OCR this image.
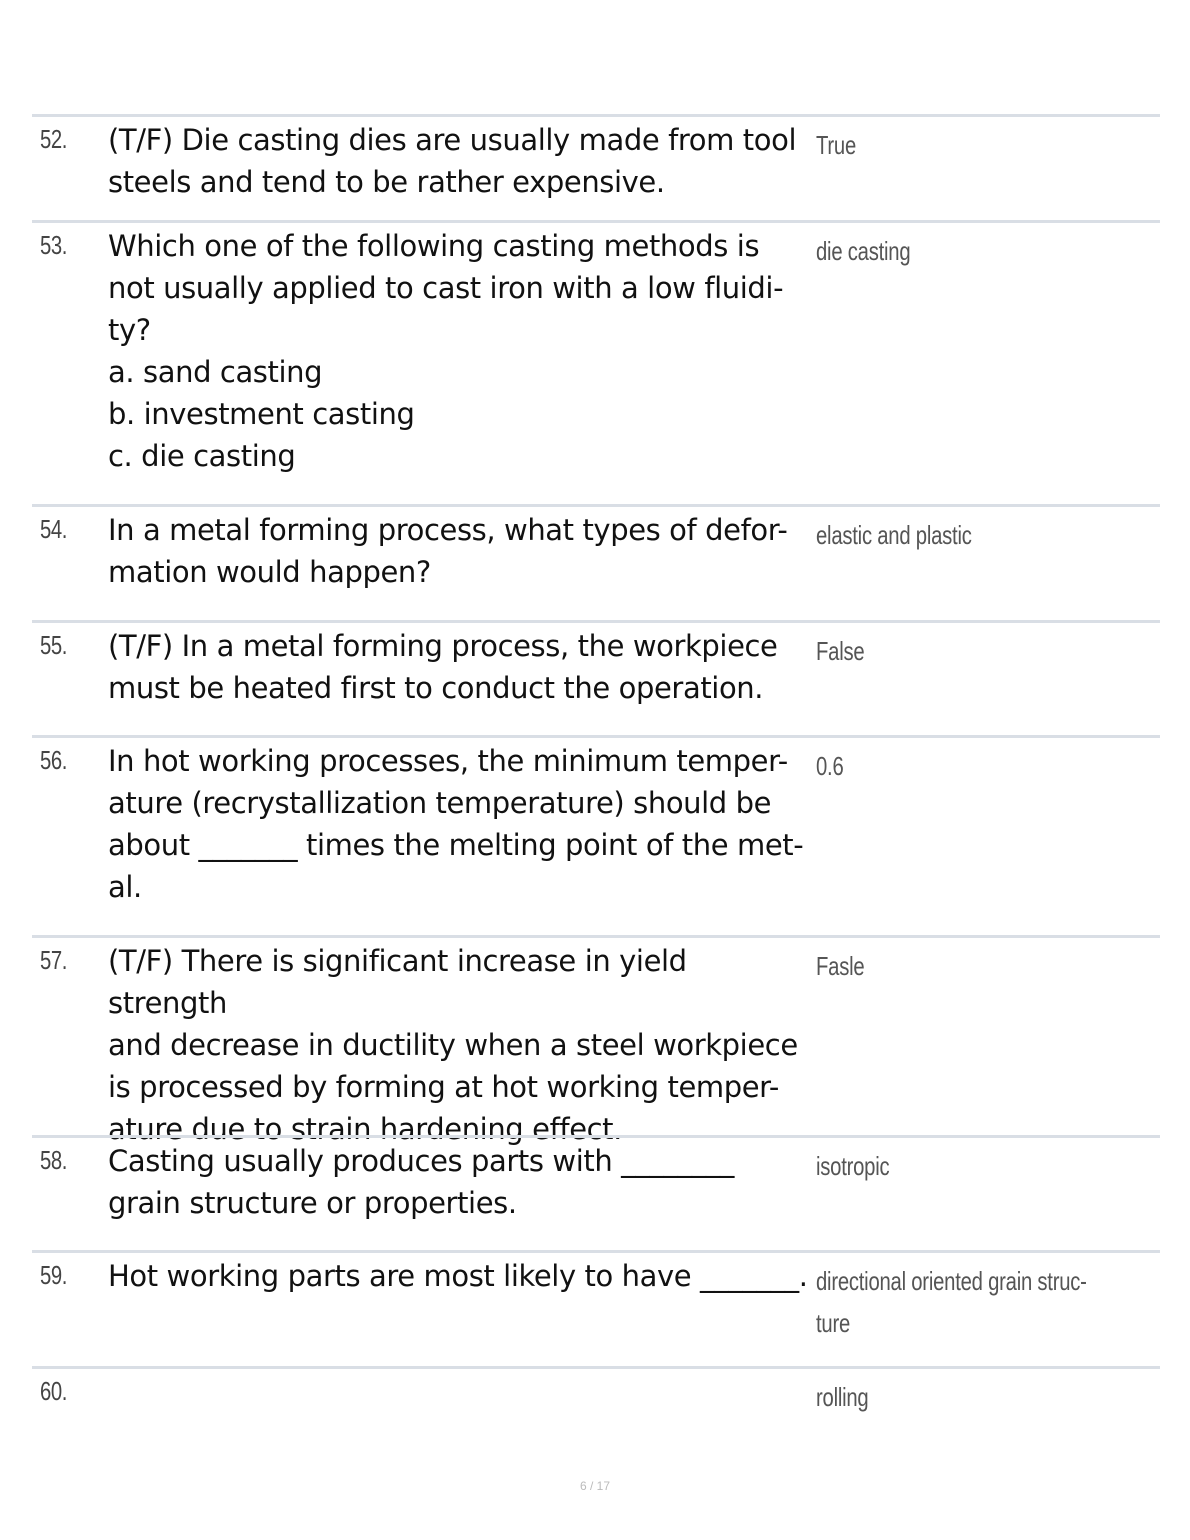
52. (T/F) Die casting dies are usually made from tool
steels and tend to be rather expensive.
True
53. Which one of the following casting methods is
not usually applied to cast iron with a low fluidi-
ty?
a. sand casting
b. investment casting
c. die casting
die casting
54. In a metal forming process, what types of defor-
mation would happen?
elastic and plastic
55. (T/F) In a metal forming process, the workpiece
must be heated first to conduct the operation.
False
56. In hot working processes, the minimum temper-
ature (recrystallization temperature) should be
about _______ times the melting point of the met-
al.
0.6
57. (T/F) There is significant increase in yield strength
and decrease in ductility when a steel workpiece
is processed by forming at hot working temper-
ature due to strain hardening effect.
Fasle
58. Casting usually produces parts with ________
grain structure or properties.
isotropic
59. Hot working parts are most likely to have _______. directional oriented grain struc-
ture
60.	rolling
6 / 17
